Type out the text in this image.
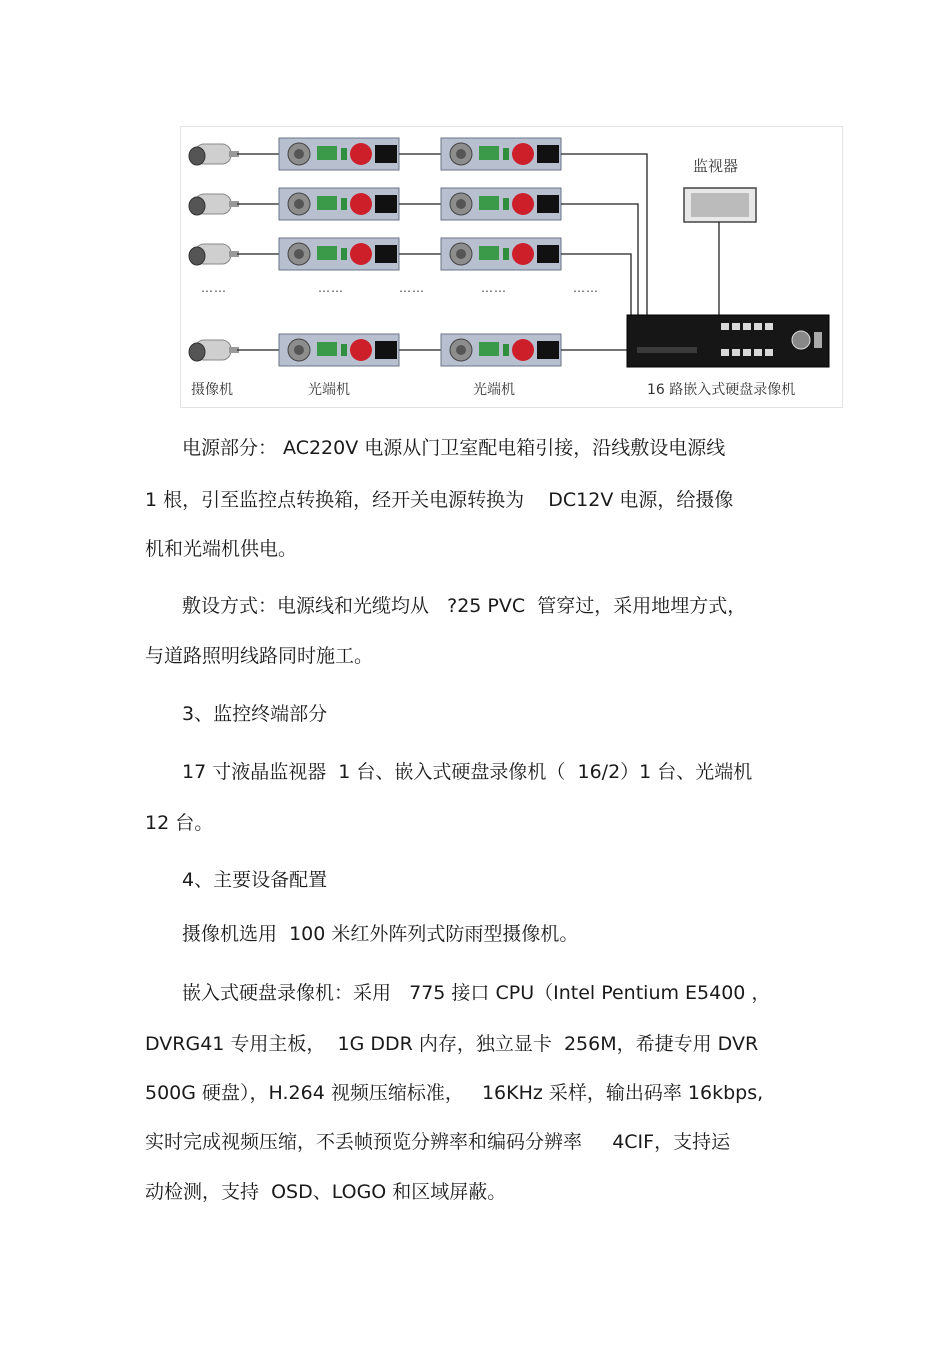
监视器
摄像机	光端机	光端机	16 路嵌入式硬盘录像机
……	……	……	……	……
电源部分： AC220V 电源从门卫室配电箱引接，沿线敷设电源线
1 根，引至监控点转换箱，经开关电源转换为    DC12V 电源，给摄像
机和光端机供电。
敷设方式：电源线和光缆均从   ?25 PVC  管穿过，采用地埋方式，
与道路照明线路同时施工。
3、监控终端部分
17 寸液晶监视器  1 台、嵌入式硬盘录像机（  16/2）1 台、光端机
12 台。
4、主要设备配置
摄像机选用  100 米红外阵列式防雨型摄像机。
嵌入式硬盘录像机：采用   775 接口 CPU（Intel Pentium E5400 ，
DVRG41 专用主板，  1G DDR 内存，独立显卡  256M，希捷专用 DVR
500G 硬盘），H.264 视频压缩标准，   16KHz 采样，输出码率 16kbps,
实时完成视频压缩，不丢帧预览分辨率和编码分辨率     4CIF，支持运
动检测，支持  OSD、LOGO 和区域屏蔽。
